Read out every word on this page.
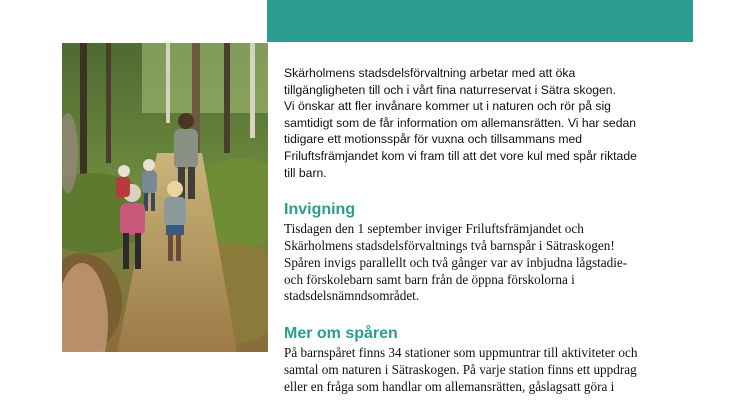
Skärholmens stadsdelsförvaltning arbetar med att öka
tillgängligheten till och i vårt fina naturreservat i Sätra skogen.
Vi önskar att fler invånare kommer ut i naturen och rör på sig
samtidigt som de får information om allemansrätten. Vi har sedan
tidigare ett motionsspår för vuxna och tillsammans med
Friluftsfrämjandet kom vi fram till att det vore kul med spår riktade
till barn.

Invigning

Tisdagen den 1 september inviger Friluftsfrämjandet och
Skärholmens stadsdelsförvaltnings två barnspår i Sätraskogen!
Spåren invigs parallellt och två gånger var av inbjudna lågstadie-
och förskolebarn samt barn från de öppna förskolorna i
stadsdelsnämndsområdet.

Mer om spåren

På barnspåret finns 34 stationer som uppmuntrar till aktiviteter och
samtal om naturen i Sätraskogen. På varje station finns ett uppdrag
eller en fråga som handlar om allemansrätten, gåslagsatt göra i
